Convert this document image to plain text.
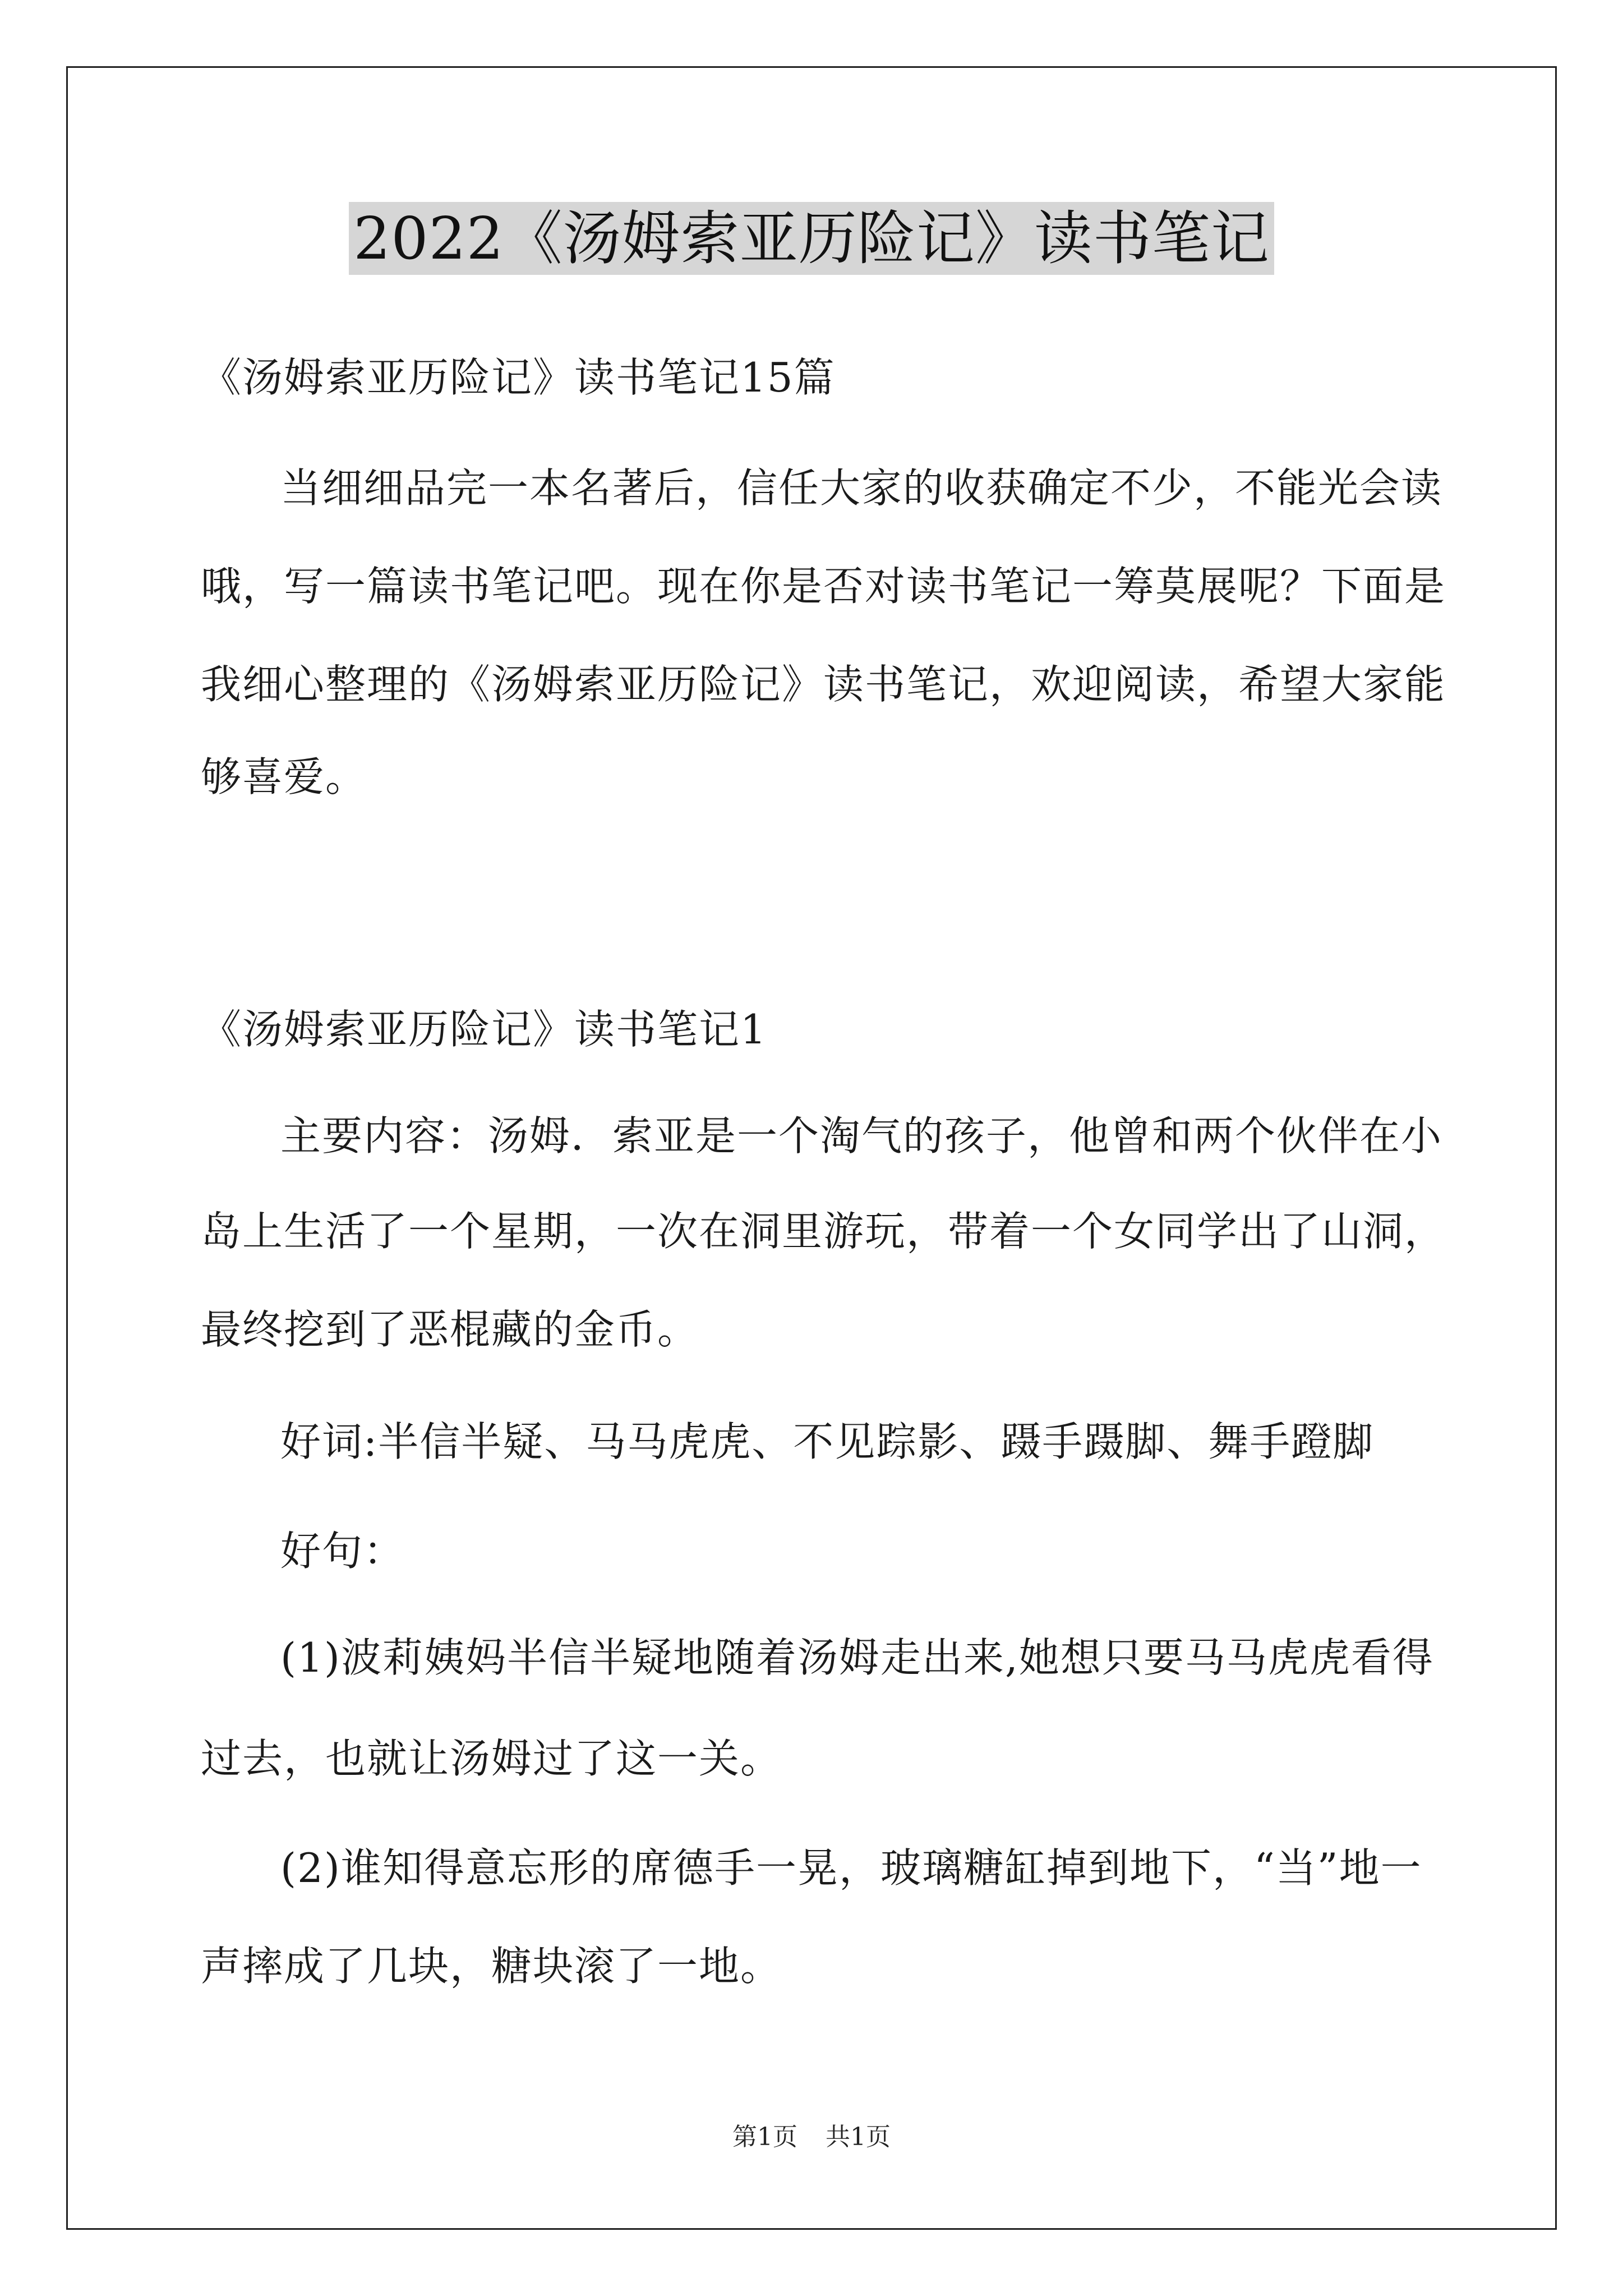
2022《汤姆索亚历险记》读书笔记
《汤姆索亚历险记》读书笔记15篇
当细细品完一本名著后，信任大家的收获确定不少，不能光会读
哦，写一篇读书笔记吧。现在你是否对读书笔记一筹莫展呢？下面是
我细心整理的《汤姆索亚历险记》读书笔记，欢迎阅读，希望大家能
够喜爱。
《汤姆索亚历险记》读书笔记1
主要内容：汤姆．索亚是一个淘气的孩子，他曾和两个伙伴在小
岛上生活了一个星期，一次在洞里游玩，带着一个女同学出了山洞，
最终挖到了恶棍藏的金币。
好词:半信半疑、马马虎虎、不见踪影、蹑手蹑脚、舞手蹬脚
好句：
(1)波莉姨妈半信半疑地随着汤姆走出来,她想只要马马虎虎看得
过去，也就让汤姆过了这一关。
(2)谁知得意忘形的席德手一晃，玻璃糖缸掉到地下，“当”地一
声摔成了几块，糖块滚了一地。
第1页 共1页
